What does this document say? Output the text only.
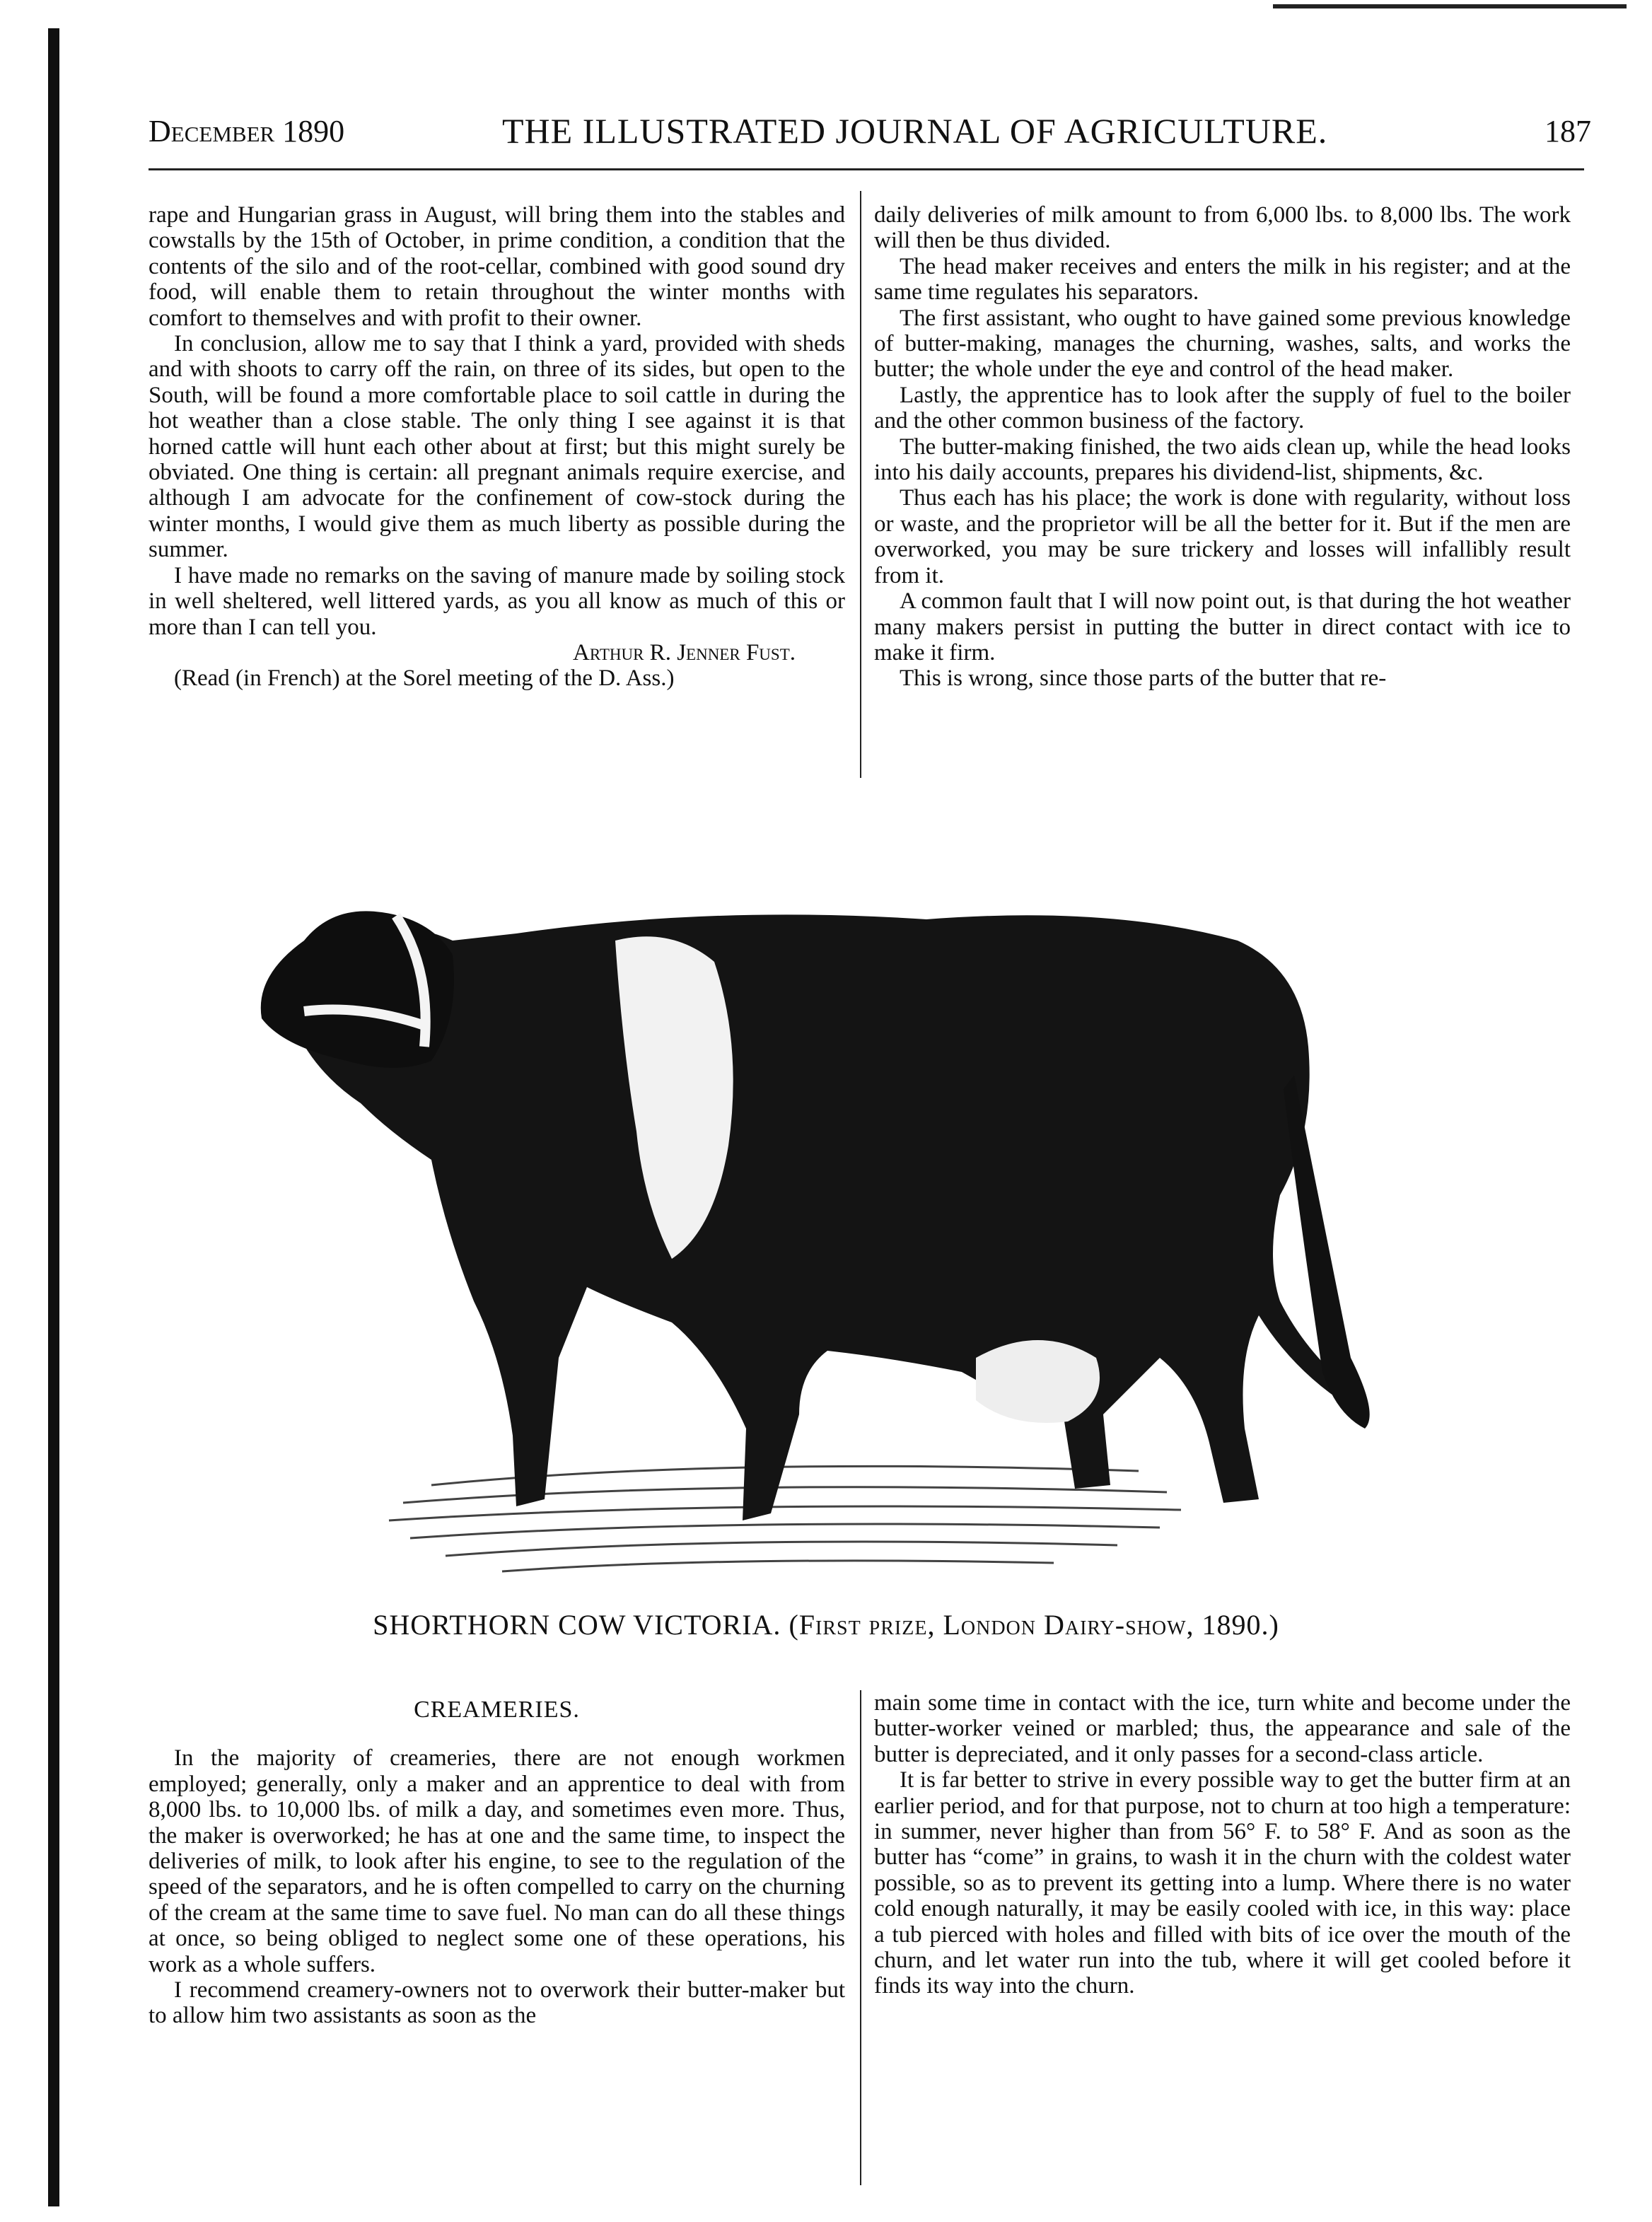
December 1890	THE ILLUSTRATED JOURNAL OF AGRICULTURE.	187

rape and Hungarian grass in August, will bring them into the stables and cowstalls by the 15th of October, in prime condition, a condition that the contents of the silo and of the root-cellar, combined with good sound dry food, will enable them to retain throughout the winter months with comfort to themselves and with profit to their owner.

In conclusion, allow me to say that I think a yard, provided with sheds and with shoots to carry off the rain, on three of its sides, but open to the South, will be found a more comfortable place to soil cattle in during the hot weather than a close stable. The only thing I see against it is that horned cattle will hunt each other about at first; but this might surely be obviated. One thing is certain: all pregnant animals require exercise, and although I am advocate for the confinement of cow-stock during the winter months, I would give them as much liberty as possible during the summer.

I have made no remarks on the saving of manure made by soiling stock in well sheltered, well littered yards, as you all know as much of this or more than I can tell you.

Arthur R. Jenner Fust.

(Read (in French) at the Sorel meeting of the D. Ass.)

daily deliveries of milk amount to from 6,000 lbs. to 8,000 lbs. The work will then be thus divided.

The head maker receives and enters the milk in his register; and at the same time regulates his separators.

The first assistant, who ought to have gained some previous knowledge of butter-making, manages the churning, washes, salts, and works the butter; the whole under the eye and control of the head maker.

Lastly, the apprentice has to look after the supply of fuel to the boiler and the other common business of the factory.

The butter-making finished, the two aids clean up, while the head looks into his daily accounts, prepares his dividend-list, shipments, &c.

Thus each has his place; the work is done with regularity, without loss or waste, and the proprietor will be all the better for it. But if the men are overworked, you may be sure trickery and losses will infallibly result from it.

A common fault that I will now point out, is that during the hot weather many makers persist in putting the butter in direct contact with ice to make it firm.

This is wrong, since those parts of the butter that re-

SHORTHORN COW VICTORIA. (First prize, London Dairy-show, 1890.)

CREAMERIES.

In the majority of creameries, there are not enough workmen employed; generally, only a maker and an apprentice to deal with from 8,000 lbs. to 10,000 lbs. of milk a day, and sometimes even more. Thus, the maker is overworked; he has at one and the same time, to inspect the deliveries of milk, to look after his engine, to see to the regulation of the speed of the separators, and he is often compelled to carry on the churning of the cream at the same time to save fuel. No man can do all these things at once, so being obliged to neglect some one of these operations, his work as a whole suffers.

I recommend creamery-owners not to overwork their butter-maker but to allow him two assistants as soon as the

main some time in contact with the ice, turn white and become under the butter-worker veined or marbled; thus, the appearance and sale of the butter is depreciated, and it only passes for a second-class article.

It is far better to strive in every possible way to get the butter firm at an earlier period, and for that purpose, not to churn at too high a temperature: in summer, never higher than from 56° F. to 58° F. And as soon as the butter has “come” in grains, to wash it in the churn with the coldest water possible, so as to prevent its getting into a lump. Where there is no water cold enough naturally, it may be easily cooled with ice, in this way: place a tub pierced with holes and filled with bits of ice over the mouth of the churn, and let water run into the tub, where it will get cooled before it finds its way into the churn.
